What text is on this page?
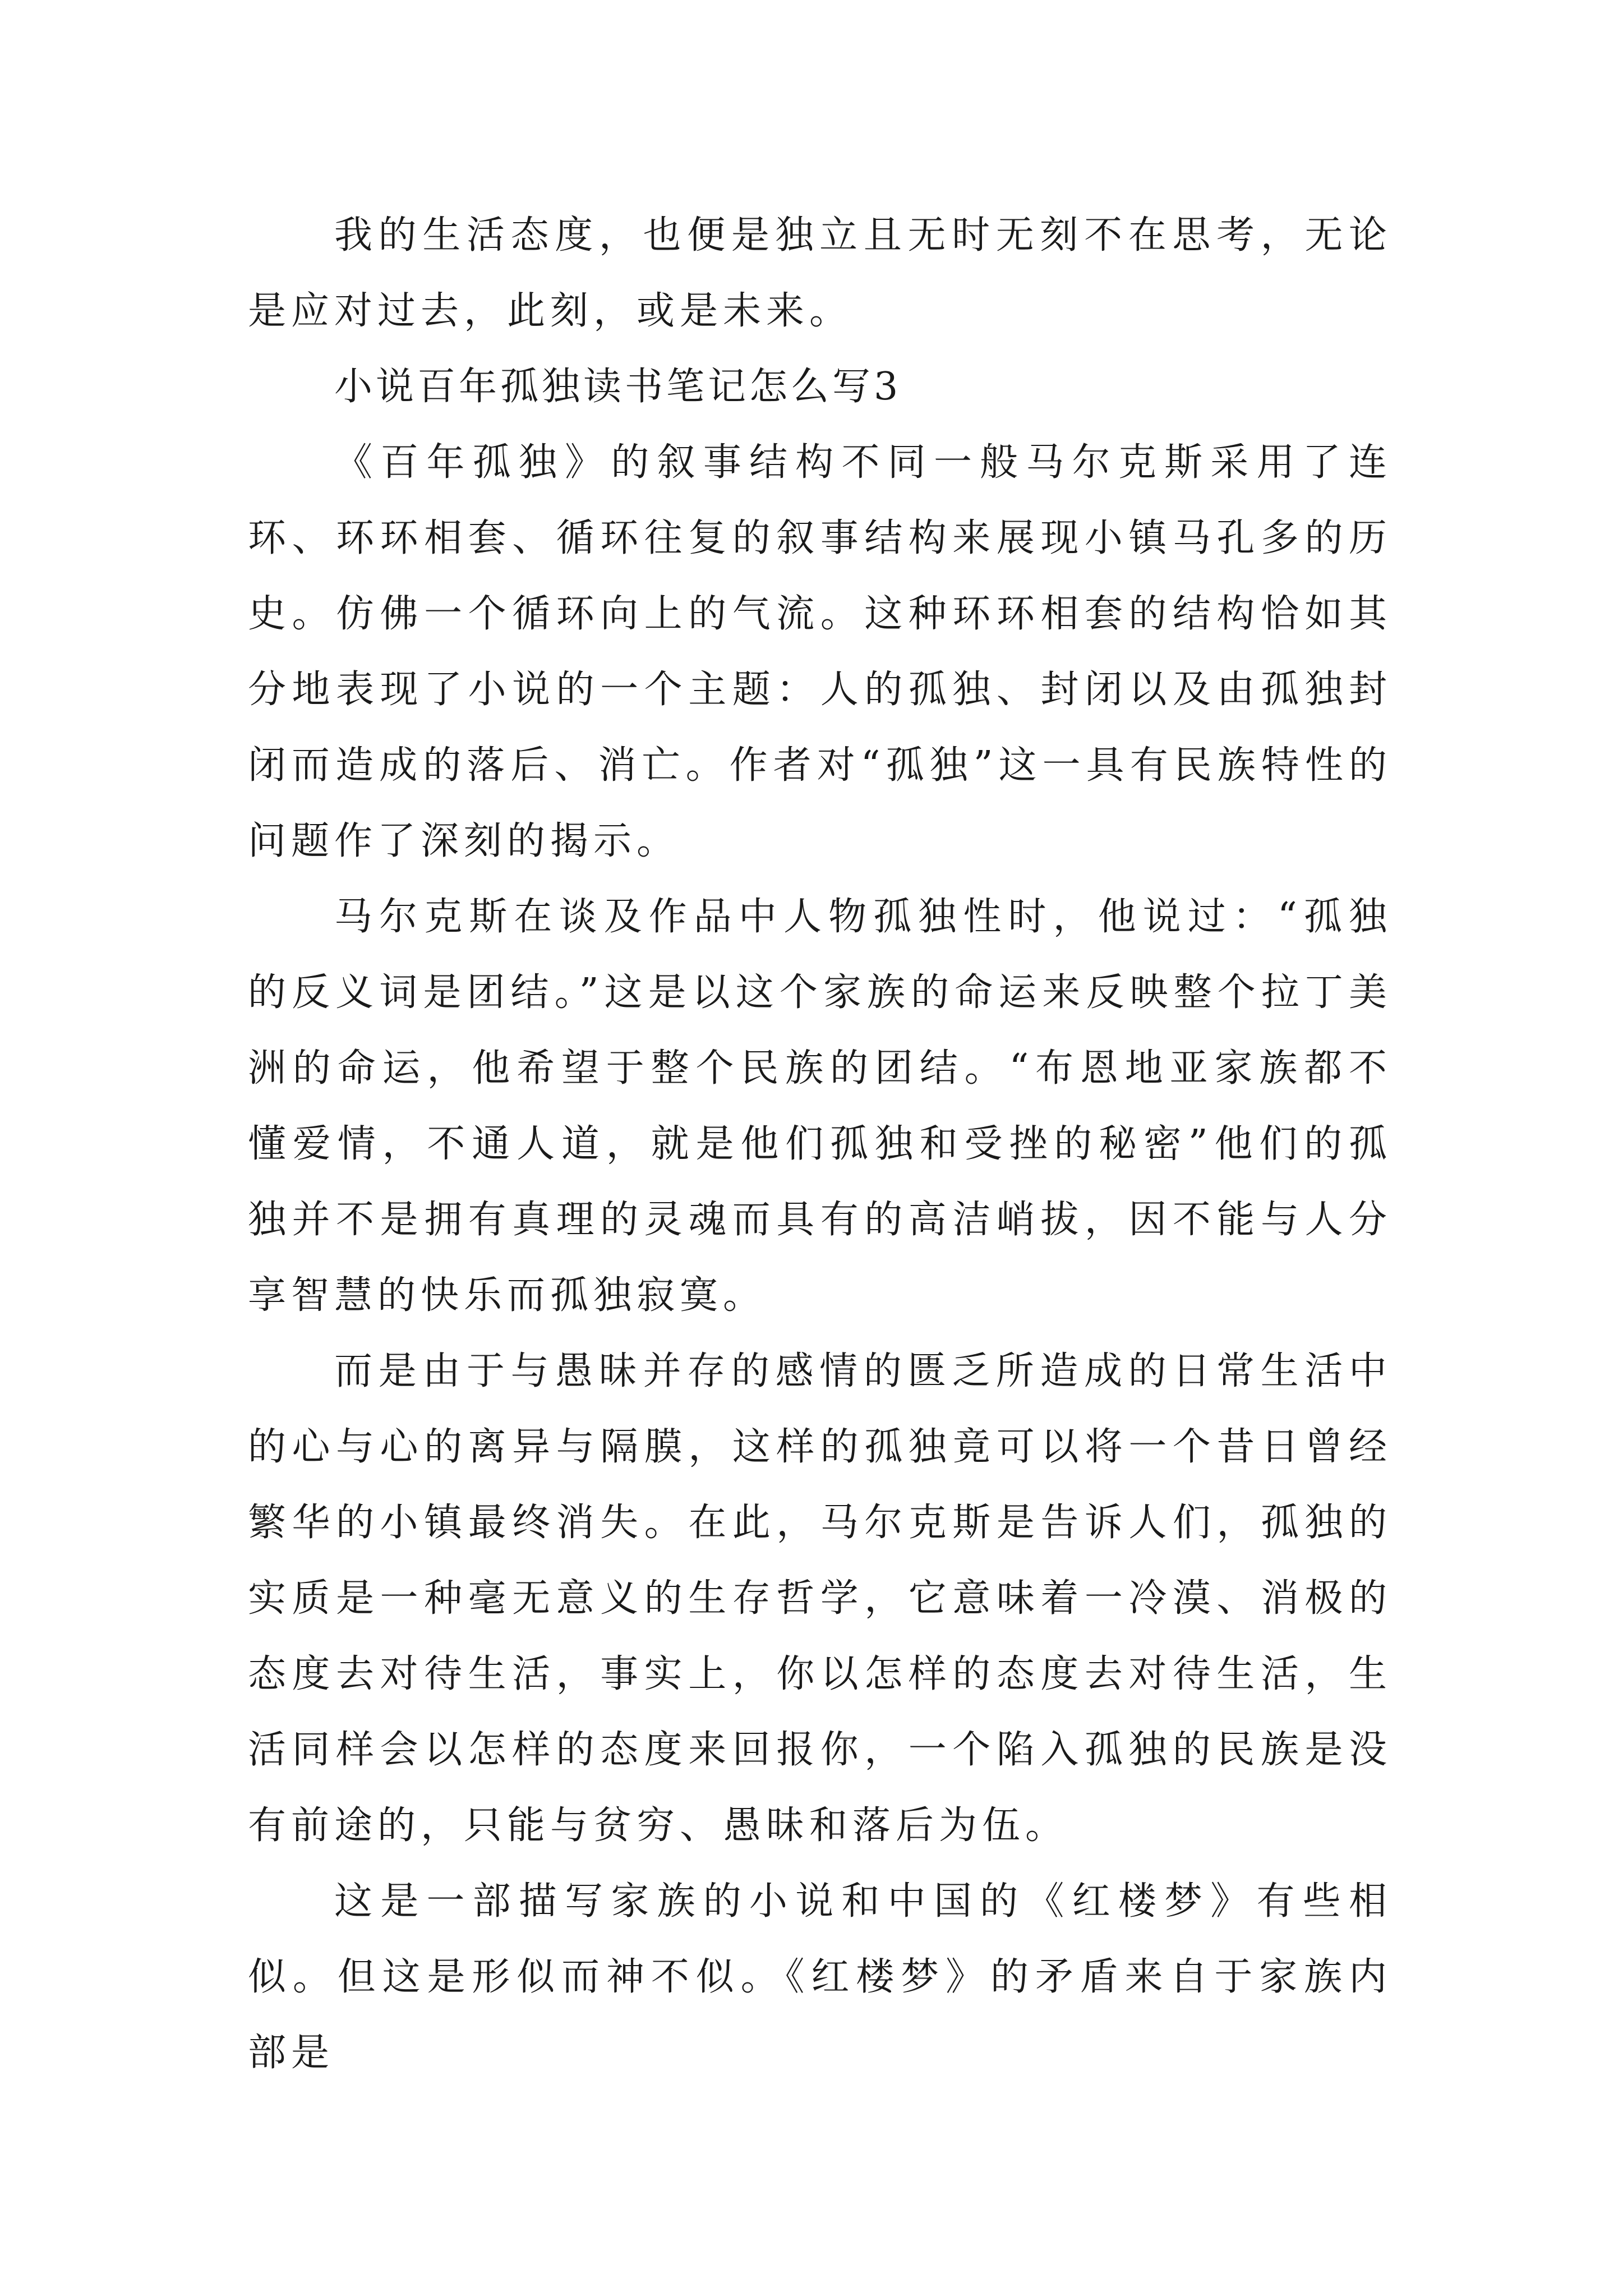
我的生活态度，也便是独立且无时无刻不在思考，无论是应对过去，此刻，或是未来。

小说百年孤独读书笔记怎么写3

《百年孤独》的叙事结构不同一般马尔克斯采用了连环、环环相套、循环往复的叙事结构来展现小镇马孔多的历史。仿佛一个循环向上的气流。这种环环相套的结构恰如其分地表现了小说的一个主题：人的孤独、封闭以及由孤独封闭而造成的落后、消亡。作者对“孤独”这一具有民族特性的问题作了深刻的揭示。

马尔克斯在谈及作品中人物孤独性时，他说过：“孤独的反义词是团结。”这是以这个家族的命运来反映整个拉丁美洲的命运，他希望于整个民族的团结。“布恩地亚家族都不懂爱情，不通人道，就是他们孤独和受挫的秘密”他们的孤独并不是拥有真理的灵魂而具有的高洁峭拔，因不能与人分享智慧的快乐而孤独寂寞。

而是由于与愚昧并存的感情的匮乏所造成的日常生活中的心与心的离异与隔膜，这样的孤独竟可以将一个昔日曾经繁华的小镇最终消失。在此，马尔克斯是告诉人们，孤独的实质是一种毫无意义的生存哲学，它意味着一冷漠、消极的态度去对待生活，事实上，你以怎样的态度去对待生活，生活同样会以怎样的态度来回报你，一个陷入孤独的民族是没有前途的，只能与贫穷、愚昧和落后为伍。

这是一部描写家族的小说和中国的《红楼梦》有些相似。但这是形似而神不似。《红楼梦》的矛盾来自于家族内部是
